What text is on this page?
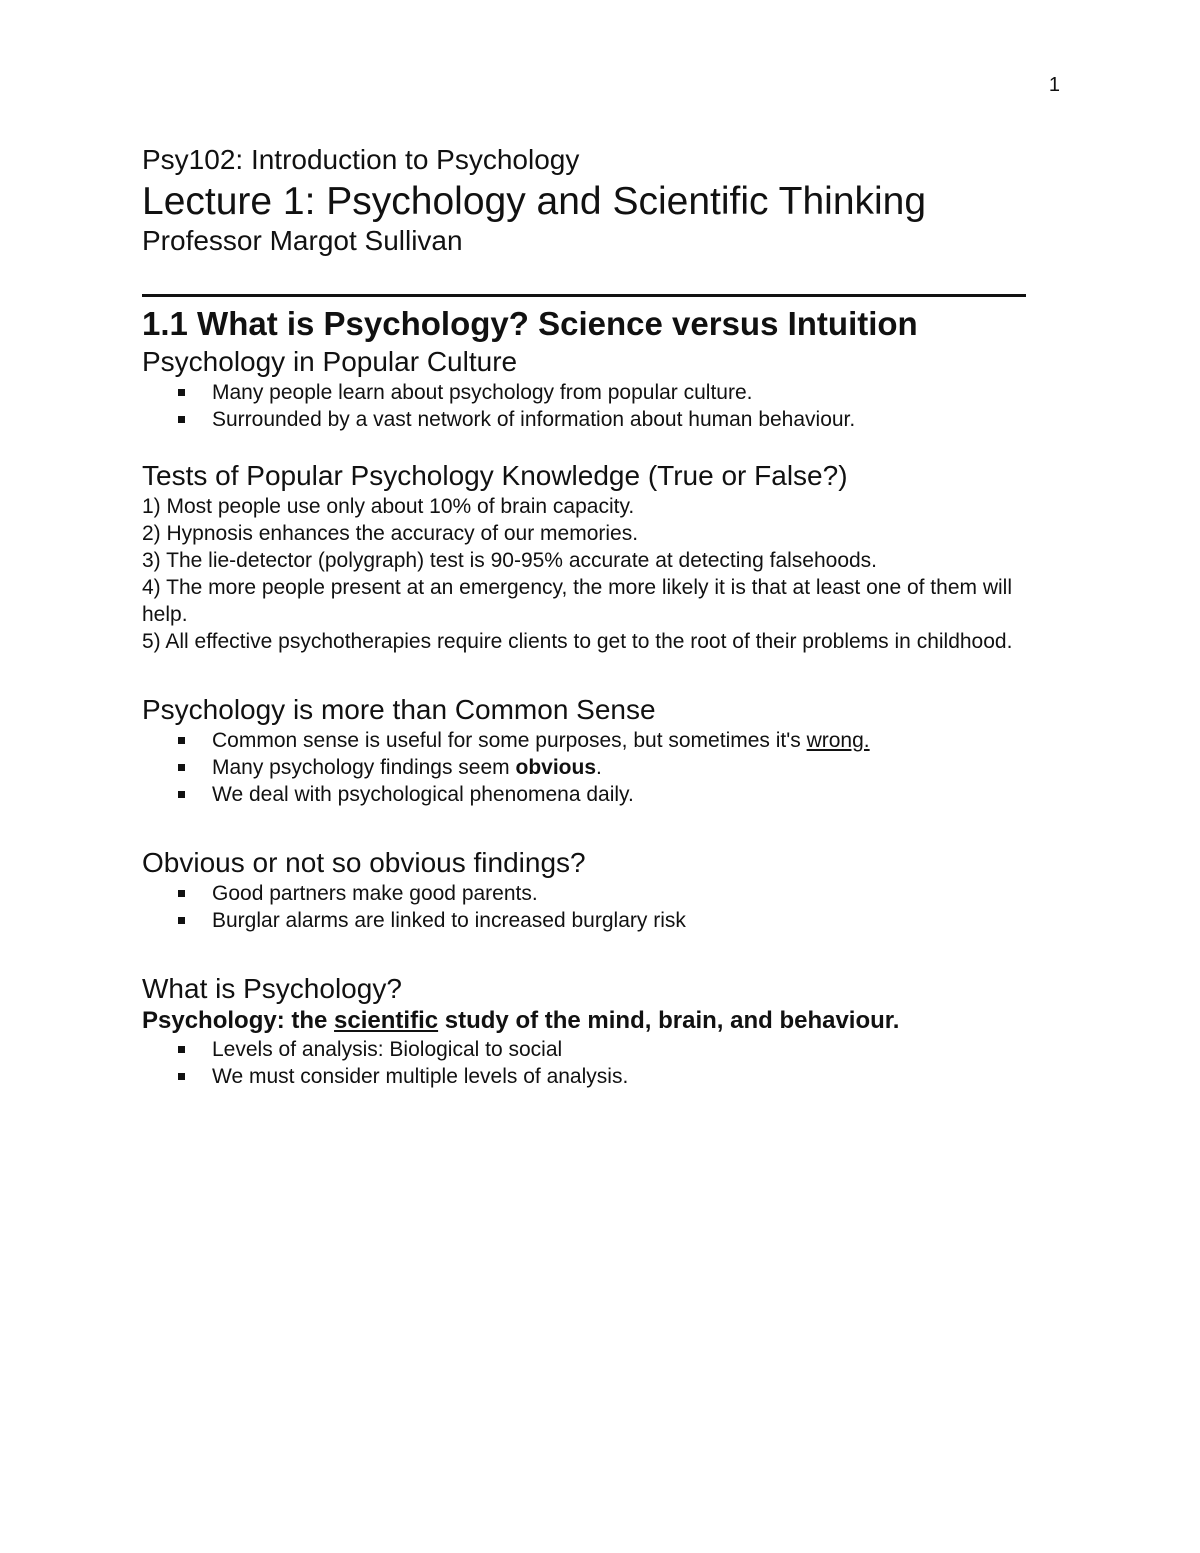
1

Psy102: Introduction to Psychology

Lecture 1: Psychology and Scientific Thinking

Professor Margot Sullivan

1.1 What is Psychology? Science versus Intuition

Psychology in Popular Culture

Many people learn about psychology from popular culture.
Surrounded by a vast network of information about human behaviour.

Tests of Popular Psychology Knowledge (True or False?)

1) Most people use only about 10% of brain capacity.

2) Hypnosis enhances the accuracy of our memories.

3) The lie-detector (polygraph) test is 90-95% accurate at detecting falsehoods.

4) The more people present at an emergency, the more likely it is that at least one of them will help.

5) All effective psychotherapies require clients to get to the root of their problems in childhood.

Psychology is more than Common Sense

Common sense is useful for some purposes, but sometimes it's wrong.
Many psychology findings seem obvious.
We deal with psychological phenomena daily.

Obvious or not so obvious findings?

Good partners make good parents.
Burglar alarms are linked to increased burglary risk

What is Psychology?

Psychology: the scientific study of the mind, brain, and behaviour.

Levels of analysis: Biological to social
We must consider multiple levels of analysis.
